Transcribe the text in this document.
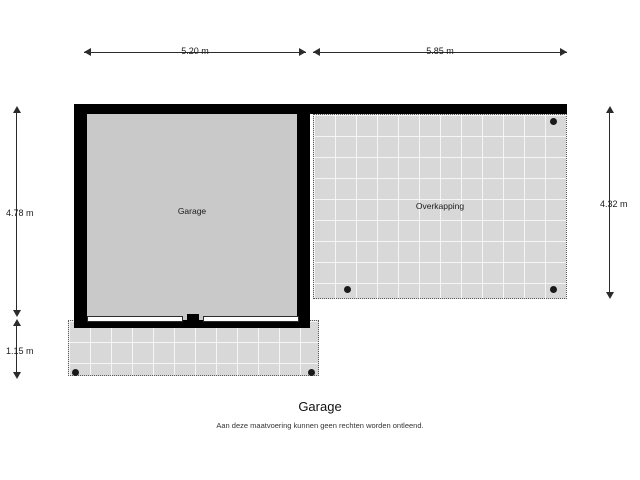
5.20 m	5.85 m
4.78 m
1.15 m
4.32 m
Overkapping
Garage
Garage
Aan deze maatvoering kunnen geen rechten worden ontleend.
